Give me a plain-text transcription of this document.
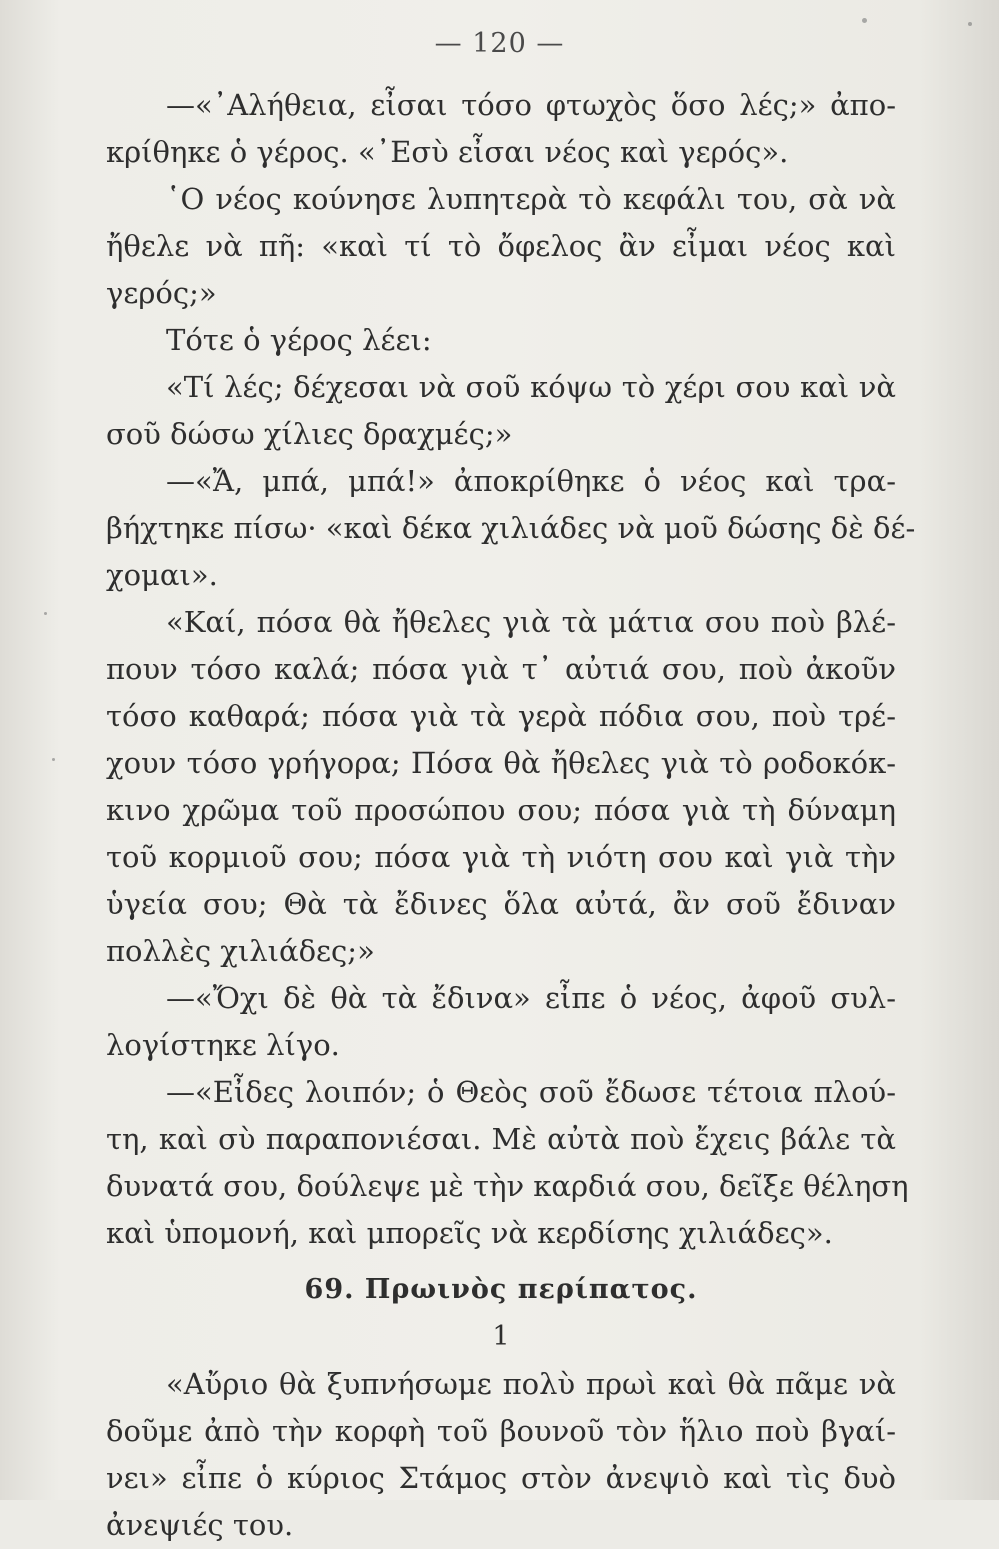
— 120 —
—«᾿Αλήθεια, εἶσαι τόσο φτωχὸς ὅσο λές;» ἀπο-
κρίθηκε ὁ γέρος. «᾿Εσὺ εἶσαι νέος καὶ γερός».
῾Ο νέος κούνησε λυπητερὰ τὸ κεφάλι του, σὰ νὰ
ἤθελε νὰ πῆ: «καὶ τί τὸ ὄφελος ἂν εἶμαι νέος καὶ
γερός;»
Τότε ὁ γέρος λέει:
«Τί λές; δέχεσαι νὰ σοῦ κόψω τὸ χέρι σου καὶ νὰ
σοῦ δώσω χίλιες δραχμές;»
—«Ἄ, μπά, μπά!» ἀποκρίθηκε ὁ νέος καὶ τρα-
βήχτηκε πίσω· «καὶ δέκα χιλιάδες νὰ μοῦ δώσης δὲ δέ-
χομαι».
«Καί, πόσα θὰ ἤθελες γιὰ τὰ μάτια σου ποὺ βλέ-
πουν τόσο καλά; πόσα γιὰ τ᾿ αὐτιά σου, ποὺ ἀκοῦν
τόσο καθαρά; πόσα γιὰ τὰ γερὰ πόδια σου, ποὺ τρέ-
χουν τόσο γρήγορα; Πόσα θὰ ἤθελες γιὰ τὸ ροδοκόκ-
κινο χρῶμα τοῦ προσώπου σου; πόσα γιὰ τὴ δύναμη
τοῦ κορμιοῦ σου; πόσα γιὰ τὴ νιότη σου καὶ γιὰ τὴν
ὑγεία σου; Θὰ τὰ ἔδινες ὅλα αὐτά, ἂν σοῦ ἔδιναν
πολλὲς χιλιάδες;»
—«Ὄχι δὲ θὰ τὰ ἔδινα» εἶπε ὁ νέος, ἀφοῦ συλ-
λογίστηκε λίγο.
—«Εἶδες λοιπόν; ὁ Θεὸς σοῦ ἔδωσε τέτοια πλού-
τη, καὶ σὺ παραπονιέσαι. Μὲ αὐτὰ ποὺ ἔχεις βάλε τὰ
δυνατά σου, δούλεψε μὲ τὴν καρδιά σου, δεῖξε θέληση
καὶ ὑπομονή, καὶ μπορεῖς νὰ κερδίσης χιλιάδες».
69. Πρωινὸς περίπατος.
1
«Αὔριο θὰ ξυπνήσωμε πολὺ πρωὶ καὶ θὰ πᾶμε νὰ
δοῦμε ἀπὸ τὴν κορφὴ τοῦ βουνοῦ τὸν ἥλιο ποὺ βγαί-
νει» εἶπε ὁ κύριος Στάμος στὸν ἀνεψιὸ καὶ τὶς δυὸ
ἀνεψιές του.
